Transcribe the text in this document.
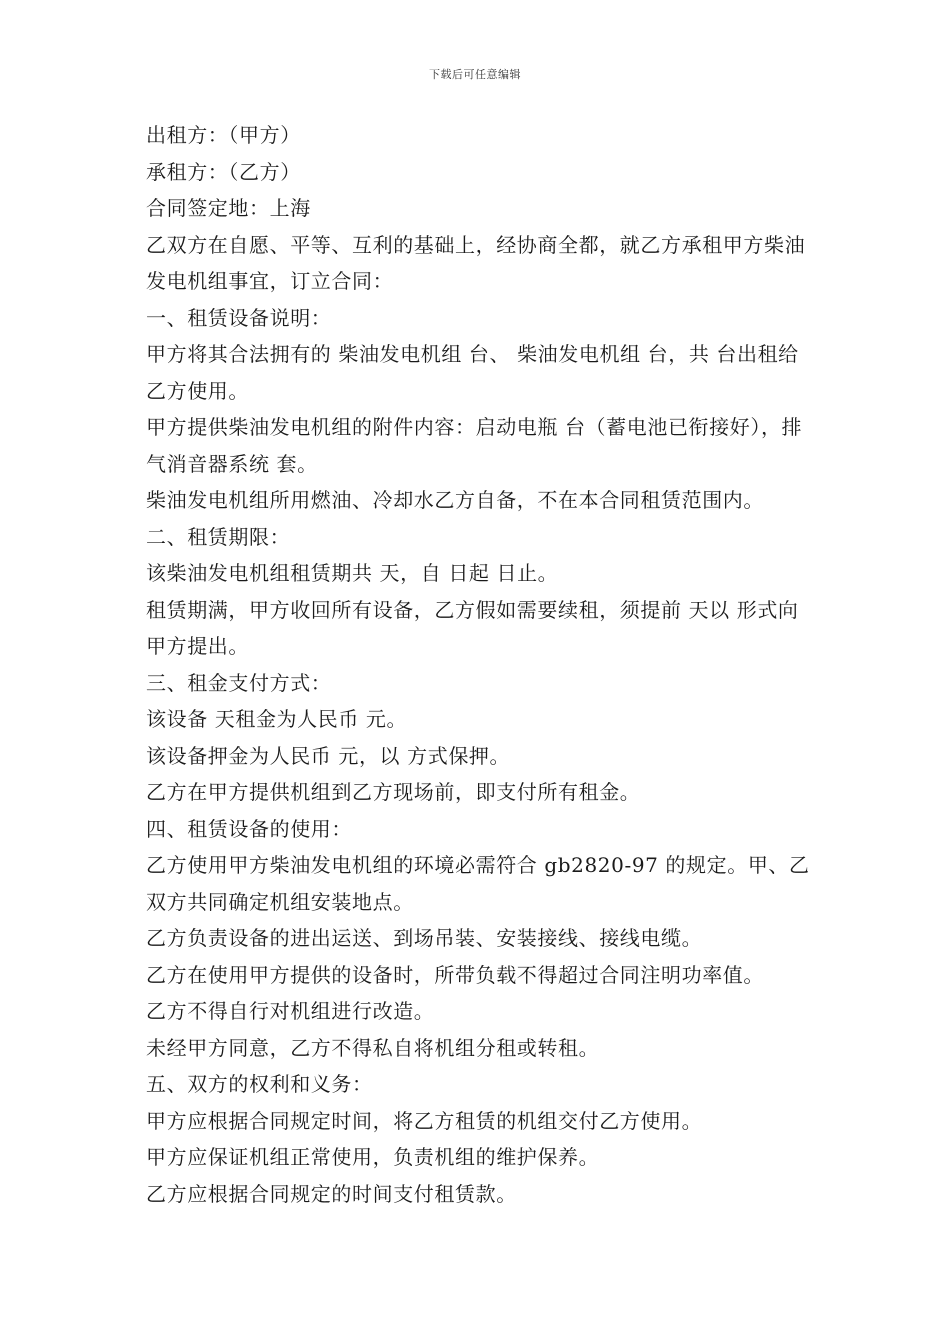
下载后可任意编辑

出租方：（甲方）

承租方：（乙方）

合同签定地：上海

乙双方在自愿、平等、互利的基础上，经协商全都，就乙方承租甲方柴油发电机组事宜，订立合同：

一、租赁设备说明：

甲方将其合法拥有的 柴油发电机组 台、 柴油发电机组 台，共 台出租给乙方使用。

甲方提供柴油发电机组的附件内容：启动电瓶 台（蓄电池已衔接好），排气消音器系统 套。

柴油发电机组所用燃油、冷却水乙方自备，不在本合同租赁范围内。

二、租赁期限：

该柴油发电机组租赁期共 天，自 日起 日止。

租赁期满，甲方收回所有设备，乙方假如需要续租，须提前 天以 形式向甲方提出。

三、租金支付方式：

该设备 天租金为人民币 元。

该设备押金为人民币 元，以 方式保押。

乙方在甲方提供机组到乙方现场前，即支付所有租金。

四、租赁设备的使用：

乙方使用甲方柴油发电机组的环境必需符合 gb2820-97 的规定。甲、乙双方共同确定机组安装地点。

乙方负责设备的进出运送、到场吊装、安装接线、接线电缆。

乙方在使用甲方提供的设备时，所带负载不得超过合同注明功率值。

乙方不得自行对机组进行改造。

未经甲方同意，乙方不得私自将机组分租或转租。

五、双方的权利和义务：

甲方应根据合同规定时间，将乙方租赁的机组交付乙方使用。

甲方应保证机组正常使用，负责机组的维护保养。

乙方应根据合同规定的时间支付租赁款。
